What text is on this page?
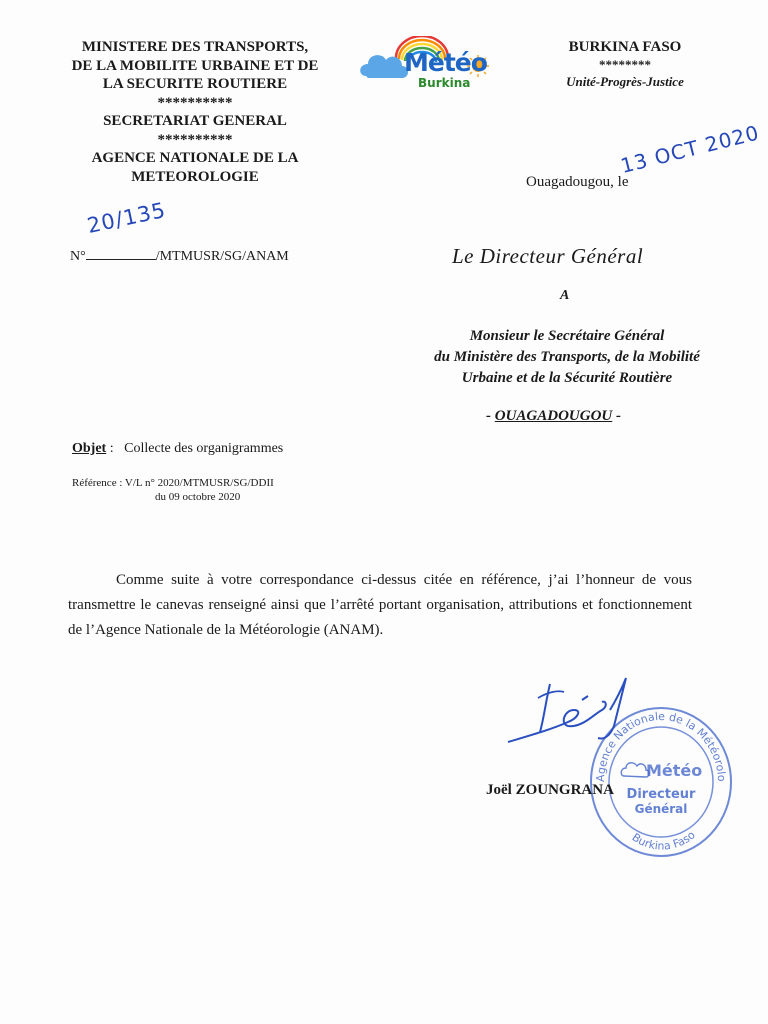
MINISTERE DES TRANSPORTS,
DE LA MOBILITE URBAINE ET DE
LA SECURITE ROUTIERE
**********
SECRETARIAT GENERAL
**********
AGENCE NATIONALE DE LA
METEOROLOGIE
Météo
Burkina
BURKINA FASO
********
Unité-Progrès-Justice
Ouagadougou, le
13 OCT 2020
N°	/MTMUSR/SG/ANAM
20/135
Le Directeur Général
A
Monsieur le Secrétaire Général
du Ministère des Transports, de la Mobilité
Urbaine et de la Sécurité Routière
- OUAGADOUGOU -
Objet :   Collecte des organigrammes
Référence : V/L n° 2020/MTMUSR/SG/DDII
du 09 octobre 2020
Comme suite à votre correspondance ci-dessus citée en référence, j’ai l’honneur de vous transmettre le canevas renseigné ainsi que l’arrêté portant organisation, attributions et fonctionnement de l’Agence Nationale de la Météorologie (ANAM).
Agence Nationale de la Météorolo
Burkina Faso
Météo
Directeur
Général
Joël ZOUNGRANA
